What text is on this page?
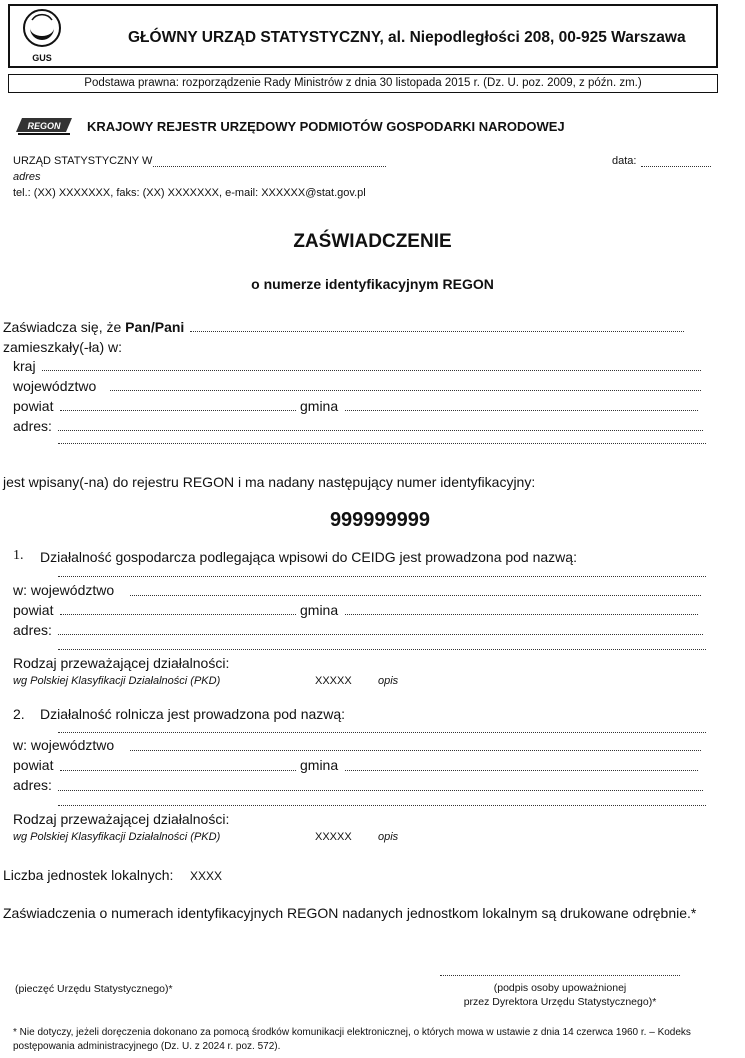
GUS
GŁÓWNY URZĄD STATYSTYCZNY, al. Niepodległości 208, 00-925 Warszawa
Podstawa prawna: rozporządzenie Rady Ministrów z dnia 30 listopada 2015 r. (Dz. U. poz. 2009, z późn. zm.)
REGON KRAJOWY REJESTR URZĘDOWY PODMIOTÓW GOSPODARKI NARODOWEJ
URZĄD STATYSTYCZNY W	data:
adres
tel.: (XX) XXXXXXX, faks: (XX) XXXXXXX, e-mail: XXXXXX@stat.gov.pl
ZAŚWIADCZENIE
o numerze identyfikacyjnym REGON
Zaświadcza się, że Pan/Pani
zamieszkały(-ła) w:
kraj
województwo
powiat	gmina
adres:
jest wpisany(-na) do rejestru REGON i ma nadany następujący numer identyfikacyjny:
999999999
1. Działalność gospodarcza podlegająca wpisowi do CEIDG jest prowadzona pod nazwą:
w: województwo
powiat	gmina
adres:
Rodzaj przeważającej działalności:
wg Polskiej Klasyfikacji Działalności (PKD)	XXXXX opis
2. Działalność rolnicza jest prowadzona pod nazwą:
w: województwo
powiat	gmina
adres:
Rodzaj przeważającej działalności:
wg Polskiej Klasyfikacji Działalności (PKD)	XXXXX opis
Liczba jednostek lokalnych: XXXX
Zaświadczenia o numerach identyfikacyjnych REGON nadanych jednostkom lokalnym są drukowane odrębnie.*
(pieczęć Urzędu Statystycznego)*	(podpis osoby upoważnionej
przez Dyrektora Urzędu Statystycznego)*
* Nie dotyczy, jeżeli doręczenia dokonano za pomocą środków komunikacji elektronicznej, o których mowa w ustawie z dnia 14 czerwca 1960 r. – Kodeks
postępowania administracyjnego (Dz. U. z 2024 r. poz. 572).
